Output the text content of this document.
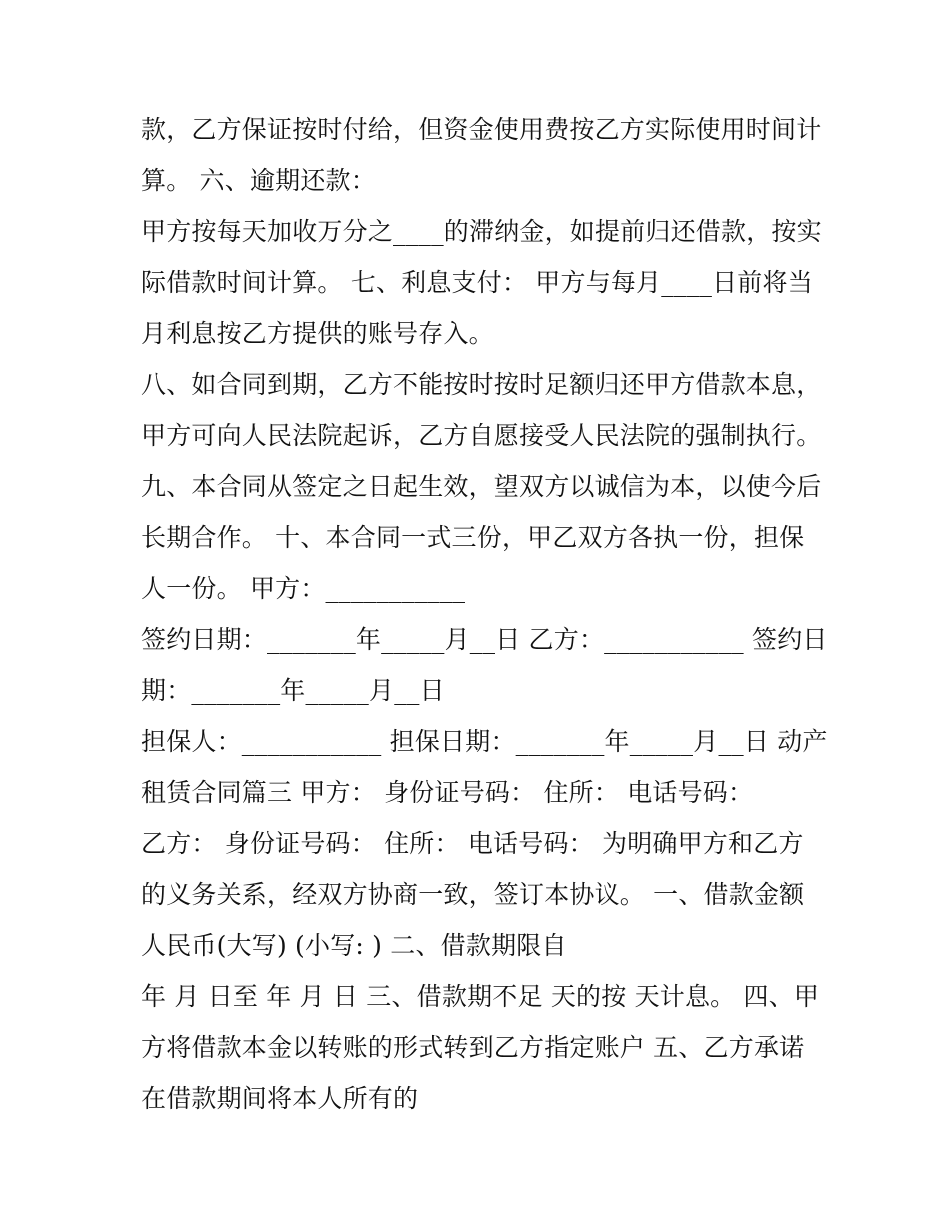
款，乙方保证按时付给，但资金使用费按乙方实际使用时间计
算。 六、逾期还款：
甲方按每天加收万分之____的滞纳金，如提前归还借款，按实
际借款时间计算。 七、利息支付： 甲方与每月____日前将当
月利息按乙方提供的账号存入。
八、如合同到期，乙方不能按时按时足额归还甲方借款本息，
甲方可向人民法院起诉，乙方自愿接受人民法院的强制执行。
九、本合同从签定之日起生效，望双方以诚信为本，以使今后
长期合作。 十、本合同一式三份，甲乙双方各执一份，担保
人一份。 甲方：___________
签约日期：_______年_____月__日 乙方：___________ 签约日
期：_______年_____月__日
担保人：___________ 担保日期：_______年_____月__日 动产
租赁合同篇三 甲方： 身份证号码： 住所： 电话号码：
乙方： 身份证号码： 住所： 电话号码： 为明确甲方和乙方
的义务关系，经双方协商一致，签订本协议。 一、借款金额
人民币(大写) (小写: ) 二、借款期限自
年 月 日至 年 月 日 三、借款期不足 天的按 天计息。 四、甲
方将借款本金以转账的形式转到乙方指定账户 五、乙方承诺
在借款期间将本人所有的
